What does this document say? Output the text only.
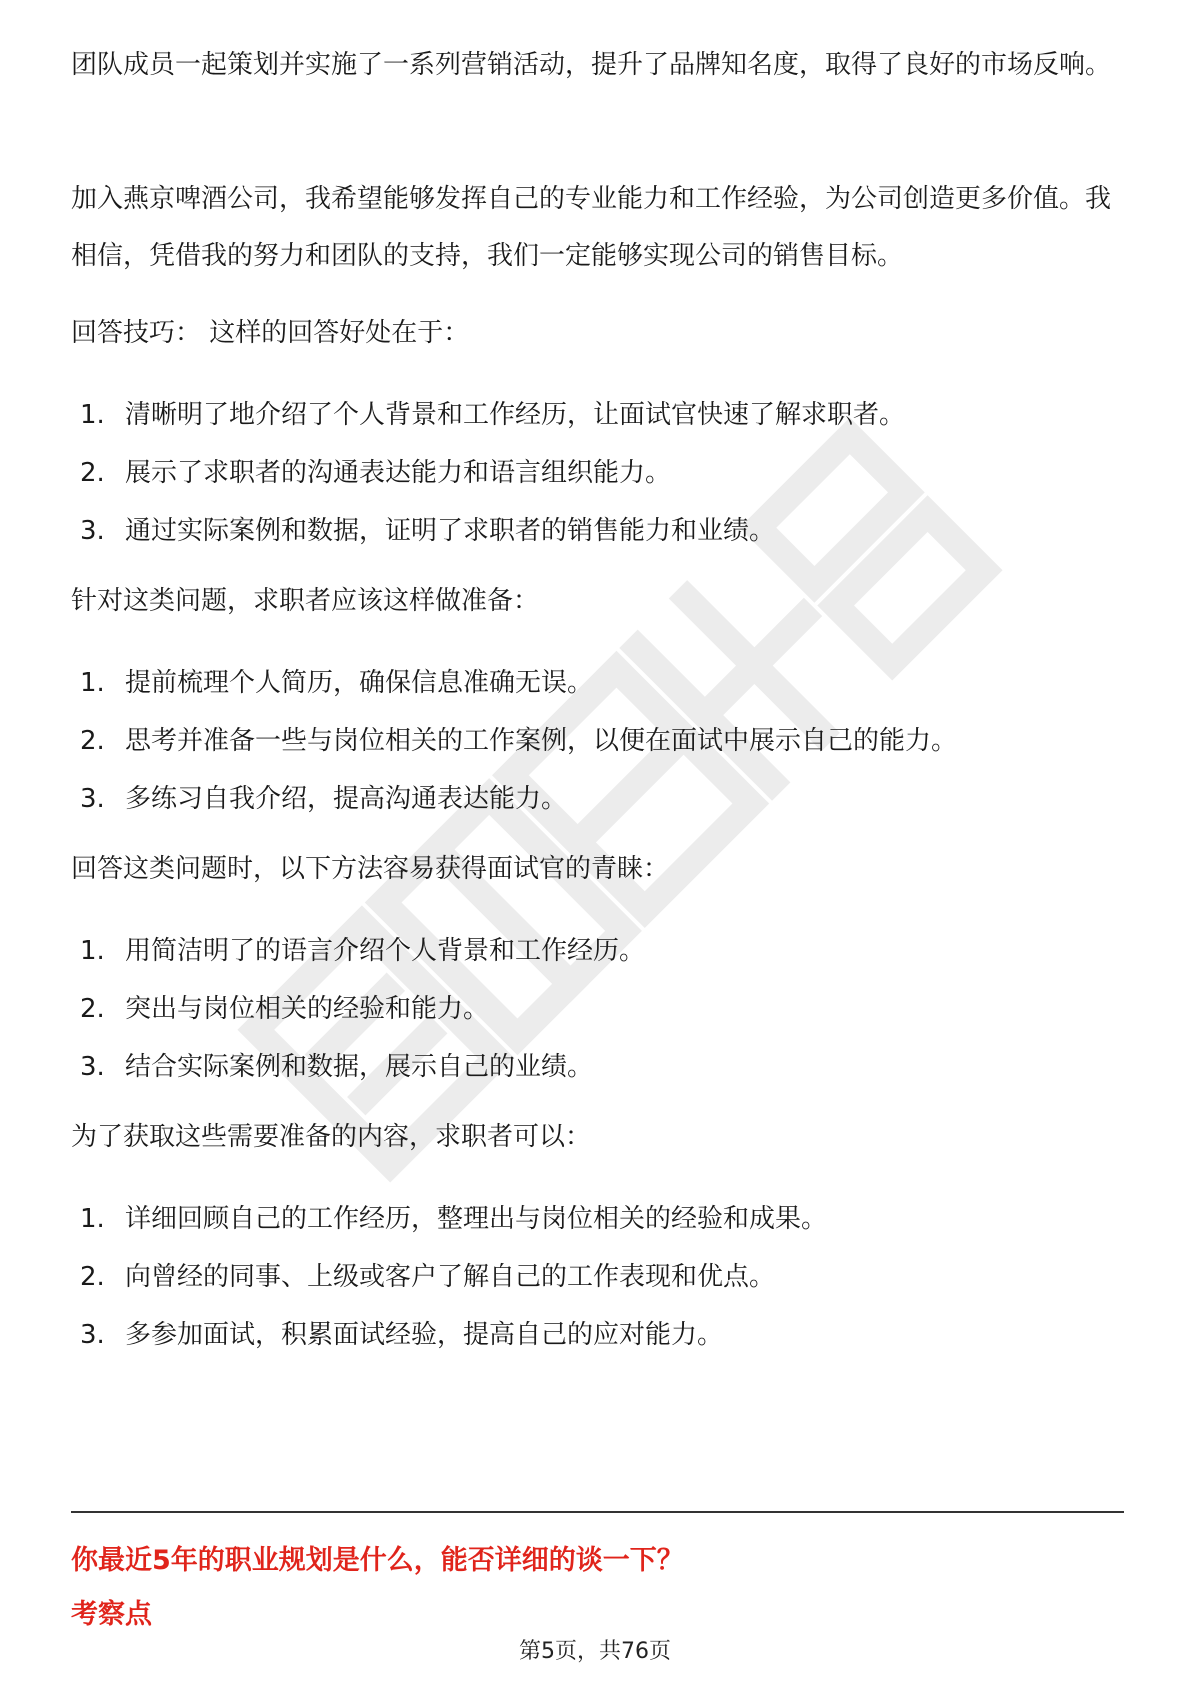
团队成员一起策划并实施了一系列营销活动，提升了品牌知名度，取得了良好的市场反响。

加入燕京啤酒公司，我希望能够发挥自己的专业能力和工作经验，为公司创造更多价值。我相信，凭借我的努力和团队的支持，我们一定能够实现公司的销售目标。

回答技巧： 这样的回答好处在于：

1. 清晰明了地介绍了个人背景和工作经历，让面试官快速了解求职者。
2. 展示了求职者的沟通表达能力和语言组织能力。
3. 通过实际案例和数据，证明了求职者的销售能力和业绩。

针对这类问题，求职者应该这样做准备：

1. 提前梳理个人简历，确保信息准确无误。
2. 思考并准备一些与岗位相关的工作案例，以便在面试中展示自己的能力。
3. 多练习自我介绍，提高沟通表达能力。

回答这类问题时，以下方法容易获得面试官的青睐：

1. 用简洁明了的语言介绍个人背景和工作经历。
2. 突出与岗位相关的经验和能力。
3. 结合实际案例和数据，展示自己的业绩。

为了获取这些需要准备的内容，求职者可以：

1. 详细回顾自己的工作经历，整理出与岗位相关的经验和成果。
2. 向曾经的同事、上级或客户了解自己的工作表现和优点。
3. 多参加面试，积累面试经验，提高自己的应对能力。
你最近5年的职业规划是什么，能否详细的谈一下？
考察点
第5页，共76页
